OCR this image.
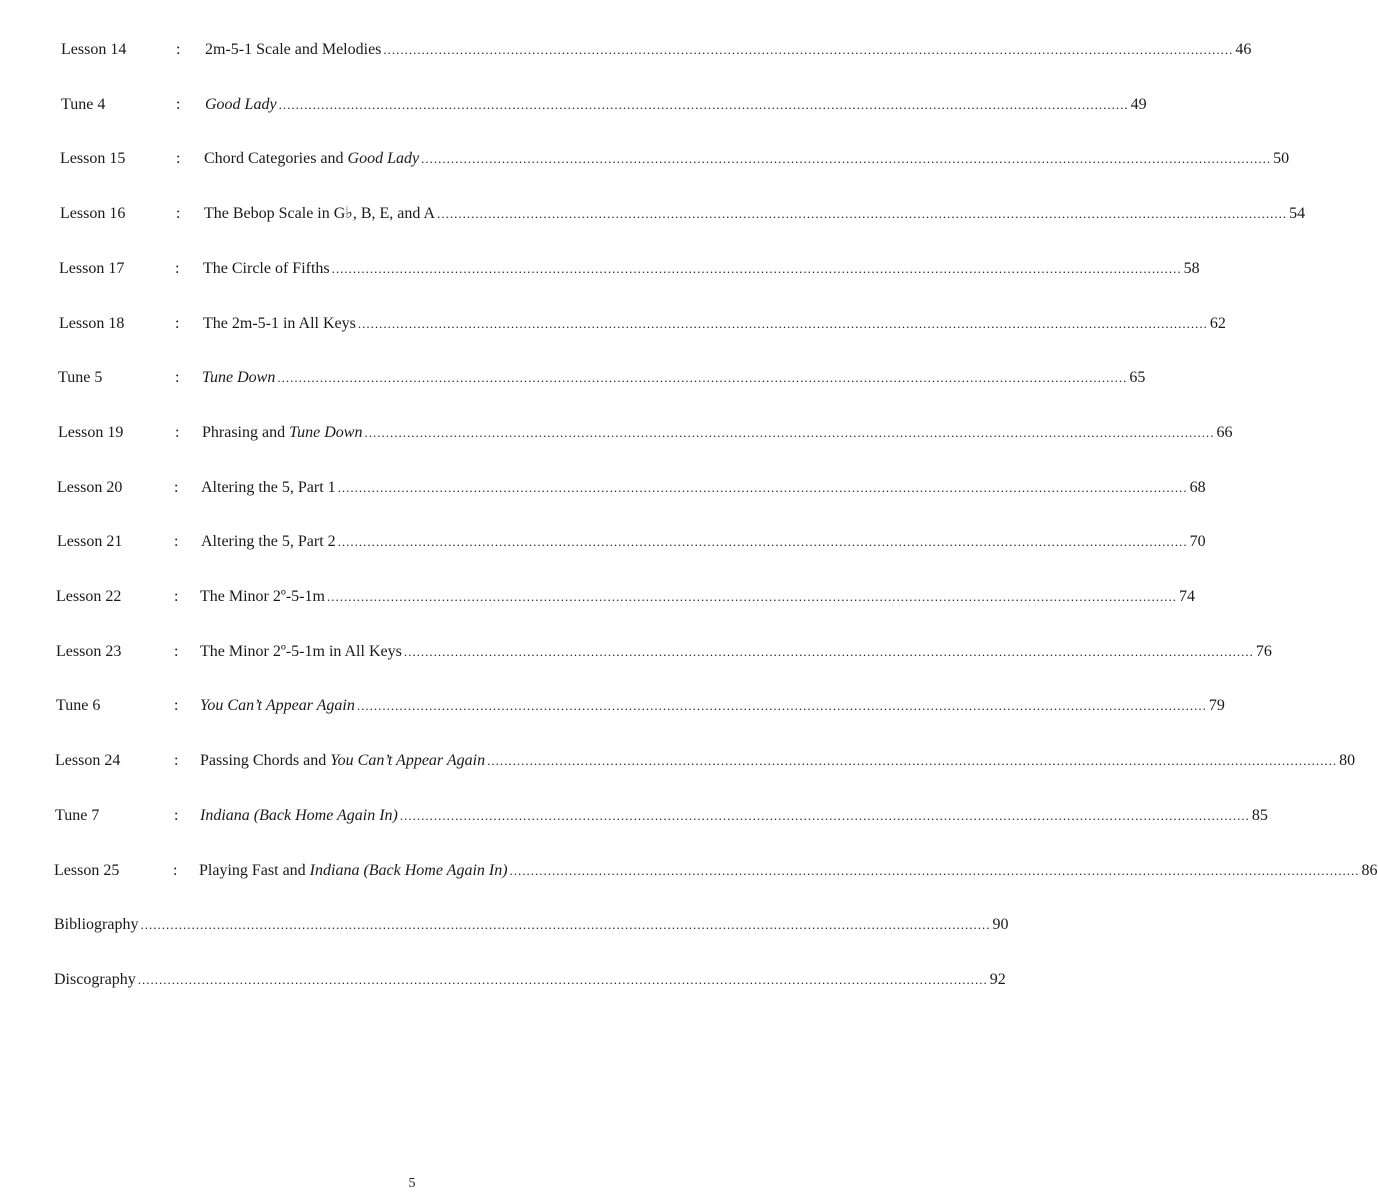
Lesson 14	: 2m-5-1 Scale and Melodies ........................................................................................................................................................................................................ 46
Tune 4	: Good Lady ........................................................................................................................................................................................................ 49
Lesson 15	: Chord Categories and Good Lady ........................................................................................................................................................................................................ 50
Lesson 16	: The Bebop Scale in G♭, B, E, and A ........................................................................................................................................................................................................ 54
Lesson 17	: The Circle of Fifths ........................................................................................................................................................................................................ 58
Lesson 18	: The 2m-5-1 in All Keys ........................................................................................................................................................................................................ 62
Tune 5	: Tune Down ........................................................................................................................................................................................................ 65
Lesson 19	: Phrasing and Tune Down ........................................................................................................................................................................................................ 66
Lesson 20	: Altering the 5, Part 1 ........................................................................................................................................................................................................ 68
Lesson 21	: Altering the 5, Part 2 ........................................................................................................................................................................................................ 70
Lesson 22	: The Minor 2º-5-1m ........................................................................................................................................................................................................ 74
Lesson 23	: The Minor 2º-5-1m in All Keys ........................................................................................................................................................................................................ 76
Tune 6	: You Can’t Appear Again ........................................................................................................................................................................................................ 79
Lesson 24	: Passing Chords and You Can’t Appear Again ........................................................................................................................................................................................................ 80
Tune 7	: Indiana (Back Home Again In) ........................................................................................................................................................................................................ 85
Lesson 25	: Playing Fast and Indiana (Back Home Again In) ........................................................................................................................................................................................................ 86
Bibliography ........................................................................................................................................................................................................ 90
Discography ........................................................................................................................................................................................................ 92
5
